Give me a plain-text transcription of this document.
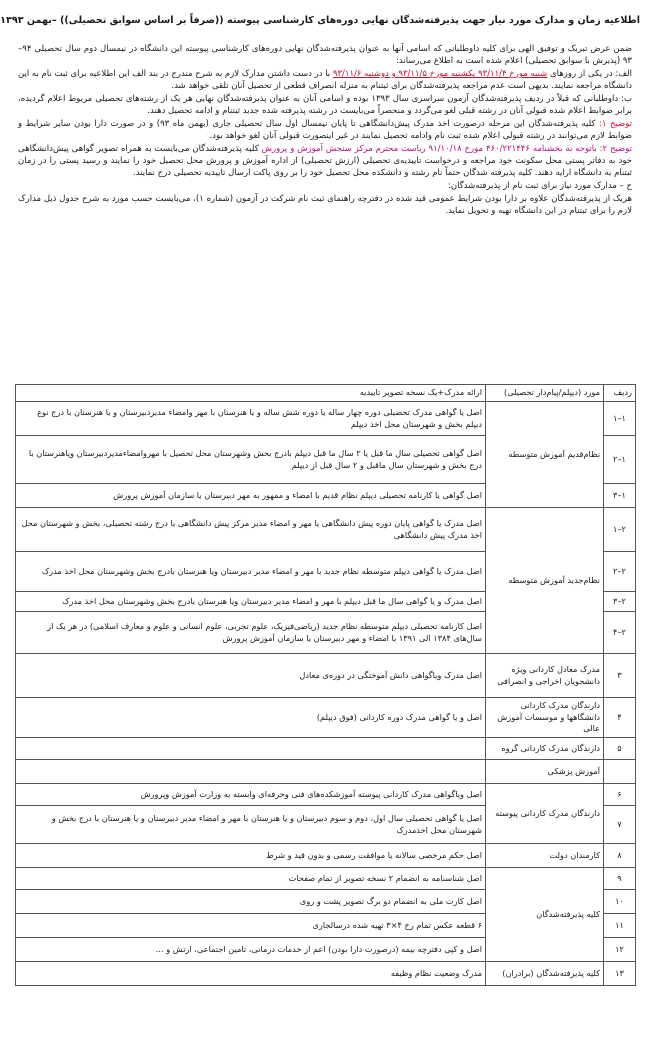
اطلاعیه زمان و مدارک مورد نیاز جهت پذیرفته‌شدگان نهایی دوره‌های کارشناسی پیوسته ((صرفاً بر اساس سوابق تحصیلی)) –بهمن ۱۳۹۳

ضمن عرض تبریک و توفیق الهی برای کلیه داوطلبانی که اسامی آنها به عنوان پذیرفته‌شدگان نهایی دوره‌های کارشناسی پیوسته این دانشگاه در نیمسال دوم سال تحصیلی ۹۴–۹۳ (پذیرش با سوابق تحصیلی) اعلام شده است به اطلاع می‌رساند:

الف: در یکی از روزهای شنبه مورخ ۹۳/۱۱/۴ یکشنبه مورخ ۹۳/۱۱/۵ و دوشنبه ۹۳/۱۱/۶ با در دست داشتن مدارک لازم به شرح مندرج در بند الف این اطلاعیه برای ثبت نام به این دانشگاه مراجعه نمایند. بدیهی است عدم مراجعه پذیرفته‌شدگان برای ثبتنام به منزله انصراف قطعی از تحصیل آنان تلقی خواهد شد.

ب: داوطلبانی که قبلاً در ردیف پذیرفته‌شدگان آزمون سراسری سال ۱۳۹۳ بوده و اسامی آنان به عنوان پذیرفته‌شدگان نهایی هر یک از رشته‌های تحصیلی مربوط اعلام گردیده، برابر ضوابط اعلام شده قبولی آنان در رشته قبلی لغو می‌گردد و منحصراً می‌بایست در رشته پذیرفته شده جدید ثبتنام و ادامه تحصیل دهند.

توضیح ۱: کلیه پذیرفته‌شدگان این مرحله درصورت اخذ مدرک پیش‌دانشگاهی تا پایان نیمسال اول سال تحصیلی جاری (بهمن ماه ۹۳) و در صورت دارا بودن سایر شرایط و ضوابط لازم می‌توانند در رشته قبولی اعلام شده ثبت نام وادامه تحصیل نمایند در غیر اینصورت قبولی آنان لغو خواهد بود.

توضیح ۲: باتوجه به بخشنامه ۴۶۰/۲۲۱۴۴۶ مورخ ۹۱/۱۰/۱۸ ریاست محترم مرکز سنجش آموزش و پرورش کلیه پذیرفته‌شدگان می‌بایست به همراه تصویر گواهی پیش‌دانشگاهی خود به دفاتر پستی محل سکونت خود مراجعه و درخواست تاییدیه‌ی تحصیلی (ارزش تحصیلی) از اداره آموزش و پرورش محل تحصیل خود را نمایند و رسید پستی را در زمان ثبتنام به دانشگاه ارایه دهند. کلیه پذیرفته شدگان حتماً نام رشته و دانشکده محل تحصیل خود را بر روی پاکت ارسال تاییدیه تحصیلی درج نمایند.

ج – مدارک مورد نیاز برای ثبت نام از پذیرفته‌شدگان:

هریک از پذیرفته‌شدگان علاوه بر دارا بودن شرایط عمومی قید شده در دفترچه راهنمای ثبت نام شرکت در آزمون (شماره ۱)، می‌بایست حسب مورد به شرح جدول ذیل مدارک لازم را برای ثبتنام در این دانشگاه تهیه و تحویل نماید.

ردیف	مورد (دیپلم/پیام‌دار تحصیلی)	ارائه مدرک+یک نسخه تصویر تاییدیه
۱–۱	نظام‌قدیم آموزش متوسطه	اصل یا گواهی مدرک تحصیلی دوره چهار ساله یا دوره شش ساله و یا هنرستان با مهر وامضاء مدیردبیرستان و یا هنرستان با درج نوع دیپلم بخش و شهرستان محل اخذ دیپلم
۱–۲		اصل گواهی تحصیلی سال ما قبل یا ۲ سال ما قبل دیپلم بادرج بخش وشهرستان محل تحصیل با مهروامضاءمدیردبیرستان وپاهنرستان با درج بخش و شهرستان سال ماقبل و ۲ سال قبل از دیپلم
۱–۳		اصل گواهی یا کارنامه تحصیلی دیپلم نظام قدیم با امضاء و ممهور به مهر دبیرستان یا سازمان آموزش پرورش
۲–۱	نظام‌جدید آموزش متوسطه	اصل مدرک یا گواهی پایان دوره پیش دانشگاهی یا مهر و امضاء مدیر مرکز پیش دانشگاهی با درج رشته تحصیلی، بخش و شهرستان محل اخذ مدرک پیش دانشگاهی
۲–۲		اصل مدرک یا گواهی دیپلم متوسطه نظام جدید با مهر و امضاء مدیر دبیرستان ویا هنرستان بادرج بخش وشهرستان محل اخذ مدرک
۲–۳		اصل مدرک و یا گواهی سال ما قبل دیپلم با مهر و امضاء مدیر دبیرستان ویا هنرستان بادرج بخش وشهرستان محل اخذ مدرک
۲–۴		اصل کارنامه تحصیلی دیپلم متوسطه نظام جدید (ریاضی‌فیزیک، علوم تجربی، علوم انسانی و علوم و معارف اسلامی) در هر یک از سال‌های ۱۳۸۴ الی ۱۳۹۱ با امضاء و مهر دبیرستان یا سازمان آموزش پرورش
۳	مدرک معادل کاردانی ویژه دانشجویان اخراجی و انصرافی	اصل مدرک ویاگواهی دانش آموختگی در دوره‌ی معادل
۴	دارندگان مدرک کاردانی دانشگاهها و موسسات آموزش عالی	اصل و یا گواهی مدرک دوره کاردانی (فوق دیپلم)
۵	دارندگان مدرک کاردانی گروه	
	آموزش پزشکی	
۶	دارندگان مدرک کاردانی پیوسته	اصل ویاگواهی مدرک کاردانی پیوسته آموزشکده‌های فنی وحرفه‌ای وابسته به وزارت آموزش وپرورش
۷		اصل یا گواهی تحصیلی سال اول، دوم و سوم دبیرستان و یا هنرستان با مهر و امضاء مدیر دبیرستان و یا هنرستان با درج بخش و شهرستان محل اخذمدرک
۸	کارمندان دولت	اصل حکم مرخصی سالانه یا موافقت رسمی و بدون قید و شرط
۹	کلیه پذیرفته‌شدگان	اصل شناسنامه به انضمام ۲ نسخه تصویر از تمام صفحات
۱۰		اصل کارت ملی به انضمام دو برگ تصویر پشت و روی
۱۱		۶ قطعه عکس تمام رخ ۴×۳ تهیه شده درسالجاری
۱۲		اصل و کپی دفترچه بیمه (درصورت دارا بودن) اعم از خدمات درمانی، تامین اجتماعی، ارتش و ...
۱۳	کلیه پذیرفته‌شدگان (برادران)	مدرک وضعیت نظام وظیفه
